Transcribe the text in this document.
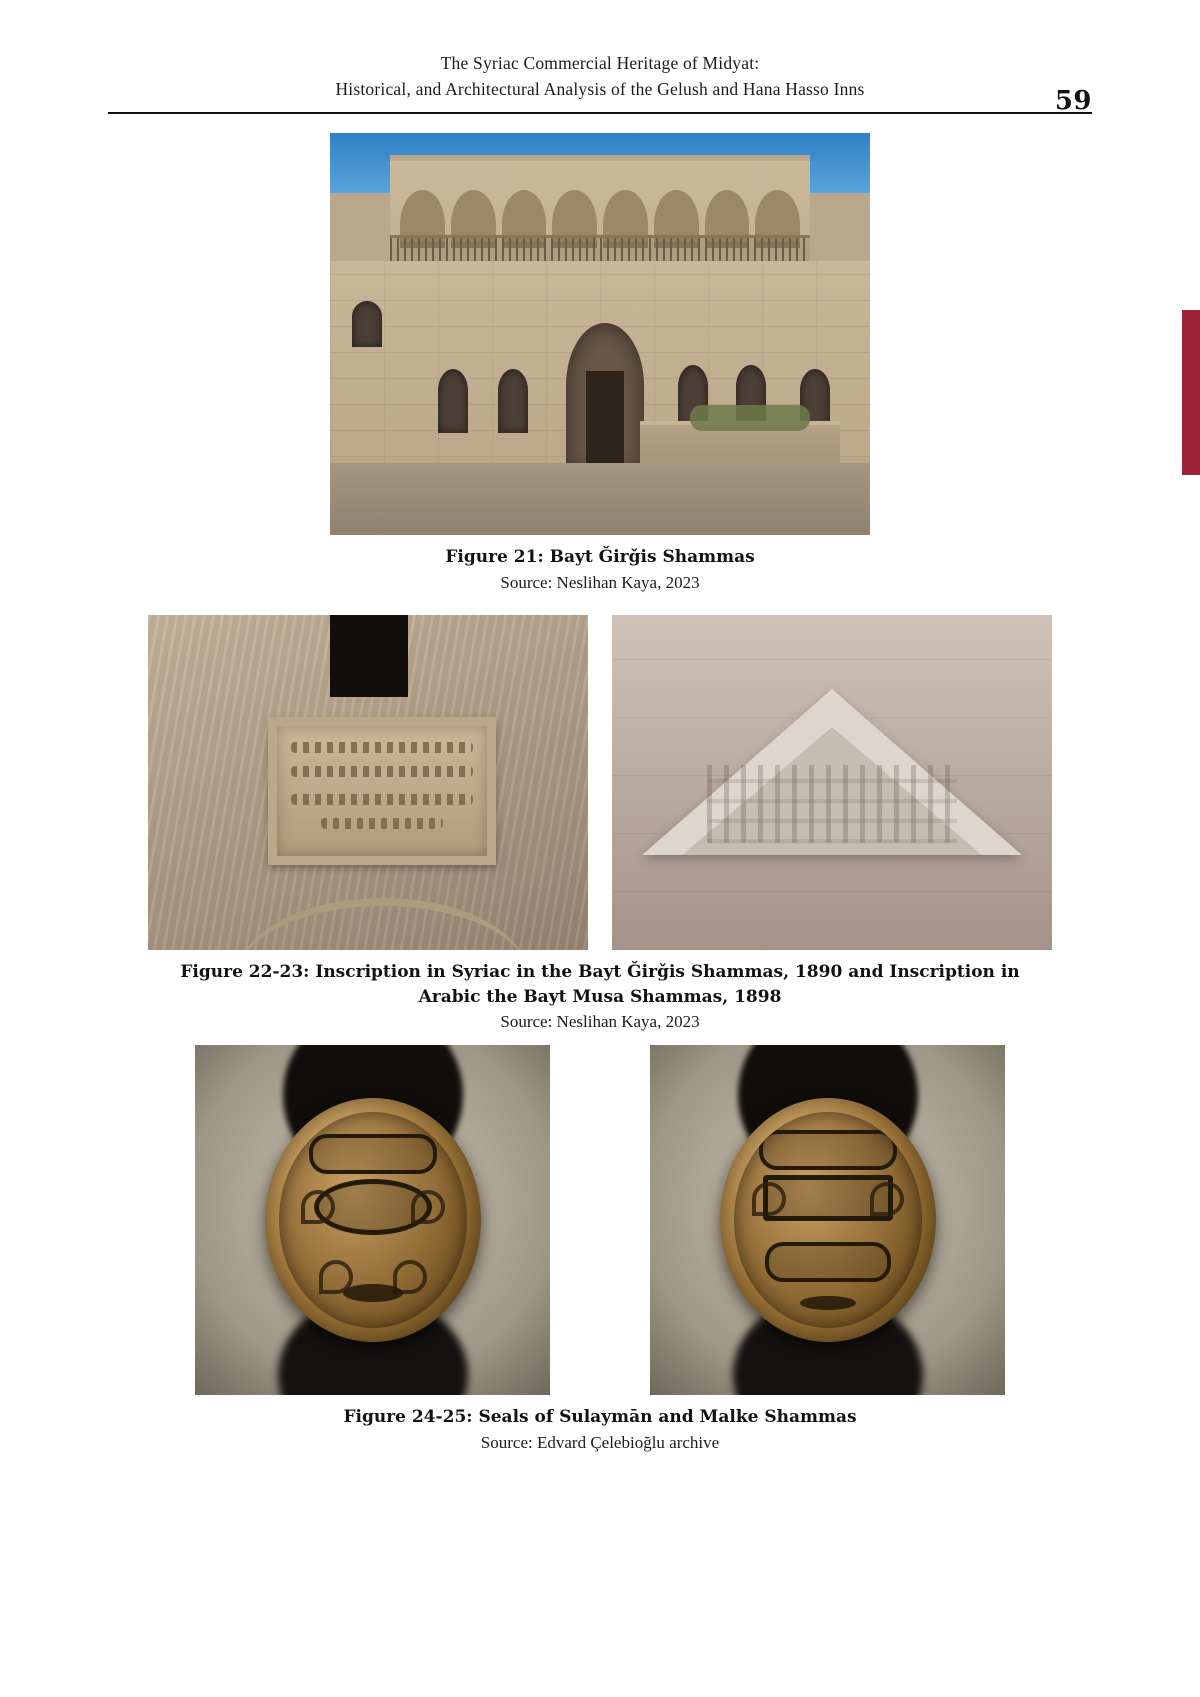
The Syriac Commercial Heritage of Midyat:
Historical, and Architectural Analysis of the Gelush and Hana Hasso Inns	59
Figure 21: Bayt Ǧirǧis Shammas
Source: Neslihan Kaya, 2023
Figure 22-23: Inscription in Syriac in the Bayt Ǧirǧis Shammas, 1890 and Inscription in Arabic the Bayt Musa Shammas, 1898
Source: Neslihan Kaya, 2023
Figure 24-25: Seals of Sulaymān and Malke Shammas
Source: Edvard Çelebioğlu archive
